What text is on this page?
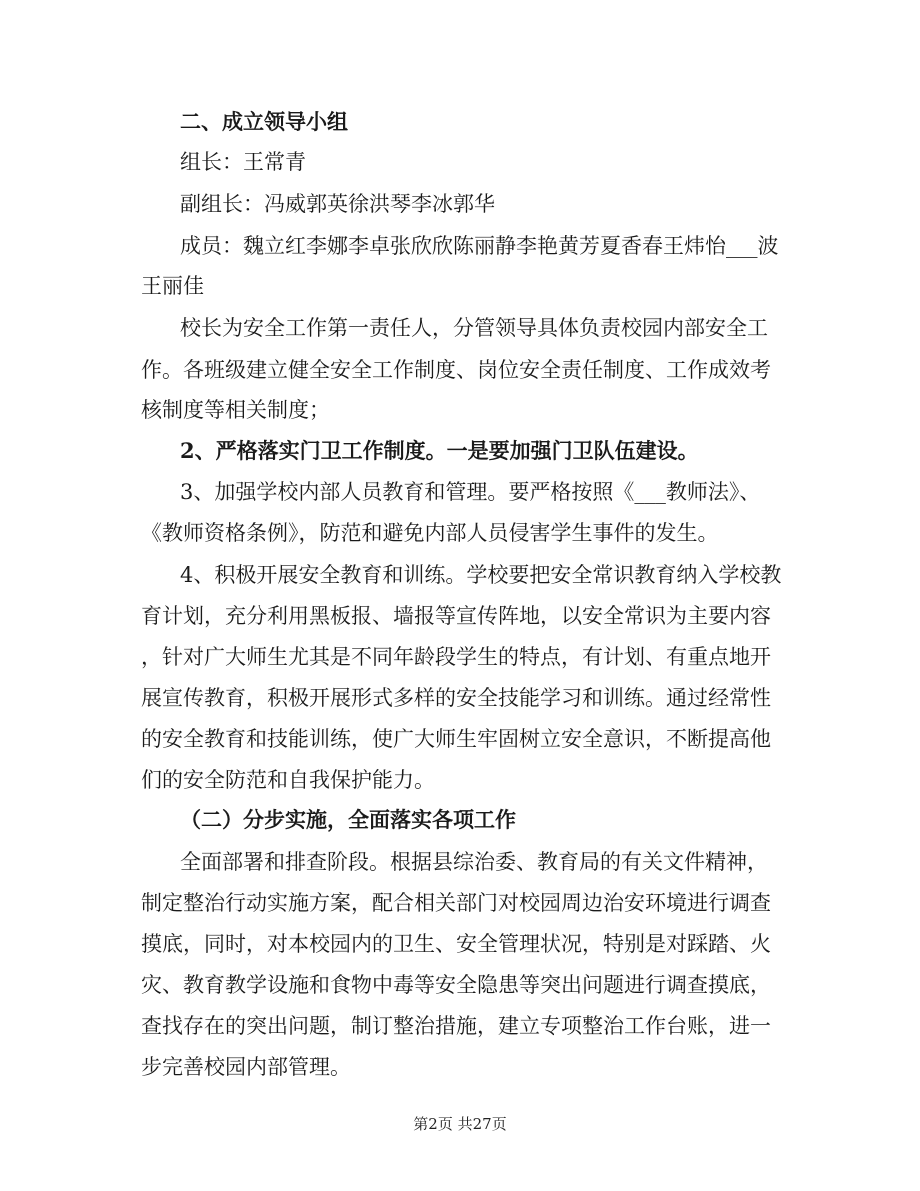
二、成立领导小组
组长：王常青
副组长：冯威郭英徐洪琴李冰郭华
成员：魏立红李娜李卓张欣欣陈丽静李艳黄芳夏香春王炜怡___波
王丽佳
校长为安全工作第一责任人，分管领导具体负责校园内部安全工
作。各班级建立健全安全工作制度、岗位安全责任制度、工作成效考
核制度等相关制度；
2、严格落实门卫工作制度。一是要加强门卫队伍建设。
3、加强学校内部人员教育和管理。要严格按照《___教师法》、
《教师资格条例》，防范和避免内部人员侵害学生事件的发生。
4、积极开展安全教育和训练。学校要把安全常识教育纳入学校教
育计划，充分利用黑板报、墙报等宣传阵地，以安全常识为主要内容
，针对广大师生尤其是不同年龄段学生的特点，有计划、有重点地开
展宣传教育，积极开展形式多样的安全技能学习和训练。通过经常性
的安全教育和技能训练，使广大师生牢固树立安全意识，不断提高他
们的安全防范和自我保护能力。
（二）分步实施，全面落实各项工作
全面部署和排查阶段。根据县综治委、教育局的有关文件精神，
制定整治行动实施方案，配合相关部门对校园周边治安环境进行调查
摸底，同时，对本校园内的卫生、安全管理状况，特别是对踩踏、火
灾、教育教学设施和食物中毒等安全隐患等突出问题进行调查摸底，
查找存在的突出问题，制订整治措施，建立专项整治工作台账，进一
步完善校园内部管理。
第2页 共27页
